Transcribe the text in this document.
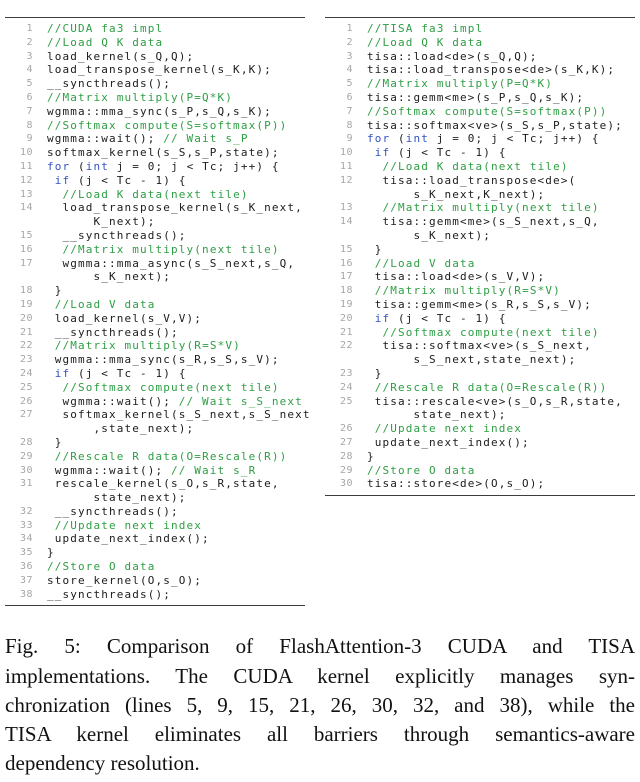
1	//CUDA fa3 impl
2	//Load Q K data
3	load_kernel(s_Q,Q);
4	load_transpose_kernel(s_K,K);
5	__syncthreads();
6	//Matrix multiply(P=Q*K)
7	wgmma::mma_sync(s_P,s_Q,s_K);
8	//Softmax compute(S=softmax(P))
9	wgmma::wait(); // Wait s_P
10	softmax_kernel(s_S,s_P,state);
11	for (int j = 0; j < Tc; j++) {
12	if (j < Tc - 1) {
13	//Load K data(next tile)
14	load_transpose_kernel(s_K_next,
K_next);
15	__syncthreads();
16	//Matrix multiply(next tile)
17	wgmma::mma_async(s_S_next,s_Q,
s_K_next);
18	}
19	//Load V data
20	load_kernel(s_V,V);
21	__syncthreads();
22	//Matrix multiply(R=S*V)
23	wgmma::mma_sync(s_R,s_S,s_V);
24	if (j < Tc - 1) {
25	//Softmax compute(next tile)
26	wgmma::wait(); // Wait s_S_next
27	softmax_kernel(s_S_next,s_S_next
,state_next);
28	}
29	//Rescale R data(O=Rescale(R))
30	wgmma::wait(); // Wait s_R
31	rescale_kernel(s_O,s_R,state,
state_next);
32	__syncthreads();
33	//Update next index
34	update_next_index();
35	}
36	//Store O data
37	store_kernel(O,s_O);
38	__syncthreads();
1	//TISA fa3 impl
2	//Load Q K data
3	tisa::load<de>(s_Q,Q);
4	tisa::load_transpose<de>(s_K,K);
5	//Matrix multiply(P=Q*K)
6	tisa::gemm<me>(s_P,s_Q,s_K);
7	//Softmax compute(S=softmax(P))
8	tisa::softmax<ve>(s_S,s_P,state);
9	for (int j = 0; j < Tc; j++) {
10	if (j < Tc - 1) {
11	//Load K data(next tile)
12	tisa::load_transpose<de>(
s_K_next,K_next);
13	//Matrix multiply(next tile)
14	tisa::gemm<me>(s_S_next,s_Q,
s_K_next);
15	}
16	//Load V data
17	tisa::load<de>(s_V,V);
18	//Matrix multiply(R=S*V)
19	tisa::gemm<me>(s_R,s_S,s_V);
20	if (j < Tc - 1) {
21	//Softmax compute(next tile)
22	tisa::softmax<ve>(s_S_next,
s_S_next,state_next);
23	}
24	//Rescale R data(O=Rescale(R))
25	tisa::rescale<ve>(s_O,s_R,state,
state_next);
26	//Update next index
27	update_next_index();
28	}
29	//Store O data
30	tisa::store<de>(O,s_O);
Fig. 5: Comparison of FlashAttention-3 CUDA and TISA
implementations. The CUDA kernel explicitly manages syn-
chronization (lines 5, 9, 15, 21, 26, 30, 32, and 38), while the
TISA kernel eliminates all barriers through semantics-aware
dependency resolution.
